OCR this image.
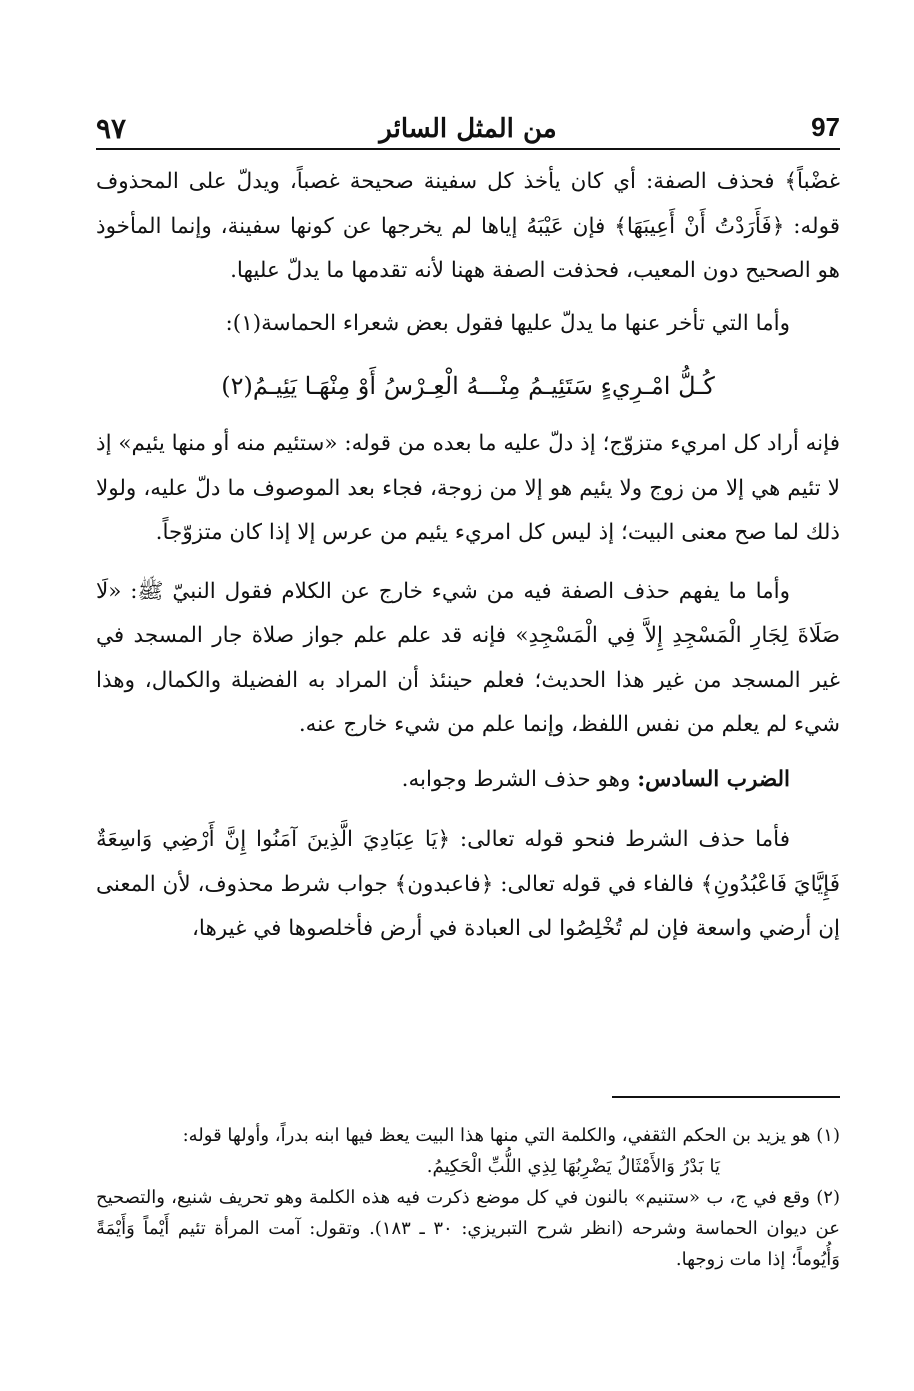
٩٧	من المثل السائر	97

غضْباً﴾ فحذف الصفة: أي كان يأخذ كل سفينة صحيحة غصباً، ويدلّ على المحذوف قوله: ﴿فَأَرَدْتُ أَنْ أَعِيبَهَا﴾ فإن عَيْبَهُ إياها لم يخرجها عن كونها سفينة، وإنما المأخوذ هو الصحيح دون المعيب، فحذفت الصفة ههنا لأنه تقدمها ما يدلّ عليها.

وأما التي تأخر عنها ما يدلّ عليها فقول بعض شعراء الحماسة(١):

كُـلُّ امْـرِيءٍ سَتَئِيـمُ مِنْـــهُ الْعِـرْسُ أَوْ مِنْهَـا يَئِيـمُ(٢)

فإنه أراد كل امريء متزوّج؛ إذ دلّ عليه ما بعده من قوله: «ستئيم منه أو منها يئيم» إذ لا تئيم هي إلا من زوج ولا يئيم هو إلا من زوجة، فجاء بعد الموصوف ما دلّ عليه، ولولا ذلك لما صح معنى البيت؛ إذ ليس كل امريء يئيم من عرس إلا إذا كان متزوّجاً.

وأما ما يفهم حذف الصفة فيه من شيء خارج عن الكلام فقول النبيّ ﷺ: «لَا صَلَاةَ لِجَارِ الْمَسْجِدِ إِلاَّ فِي الْمَسْجِدِ» فإنه قد علم علم جواز صلاة جار المسجد في غير المسجد من غير هذا الحديث؛ فعلم حينئذ أن المراد به الفضيلة والكمال، وهذا شيء لم يعلم من نفس اللفظ، وإنما علم من شيء خارج عنه.

الضرب السادس: وهو حذف الشرط وجوابه.

فأما حذف الشرط فنحو قوله تعالى: ﴿يَا عِبَادِيَ الَّذِينَ آمَنُوا إِنَّ أَرْضِي وَاسِعَةٌ فَإِيَّايَ فَاعْبُدُونِ﴾ فالفاء في قوله تعالى: ﴿فاعبدون﴾ جواب شرط محذوف، لأن المعنى إن أرضي واسعة فإن لم تُخْلِصُوا لى العبادة في أرض فأخلصوها في غيرها،

(١) هو يزيد بن الحكم الثقفي، والكلمة التي منها هذا البيت يعظ فيها ابنه بدراً، وأولها قوله:

يَا بَدْرُ وَالأَمْثَالُ يَضْرِبُهَا لِذِي اللُّبِّ الْحَكِيمُ.

(٢) وقع في ج، ب «ستنيم» بالنون في كل موضع ذكرت فيه هذه الكلمة وهو تحريف شنيع، والتصحيح عن ديوان الحماسة وشرحه (انظر شرح التبريزي: ٣٠ ـ ١٨٣). وتقول: آمت المرأة تئيم أَيْماً وَأَيْمَةً وَأُيُوماً؛ إذا مات زوجها.
